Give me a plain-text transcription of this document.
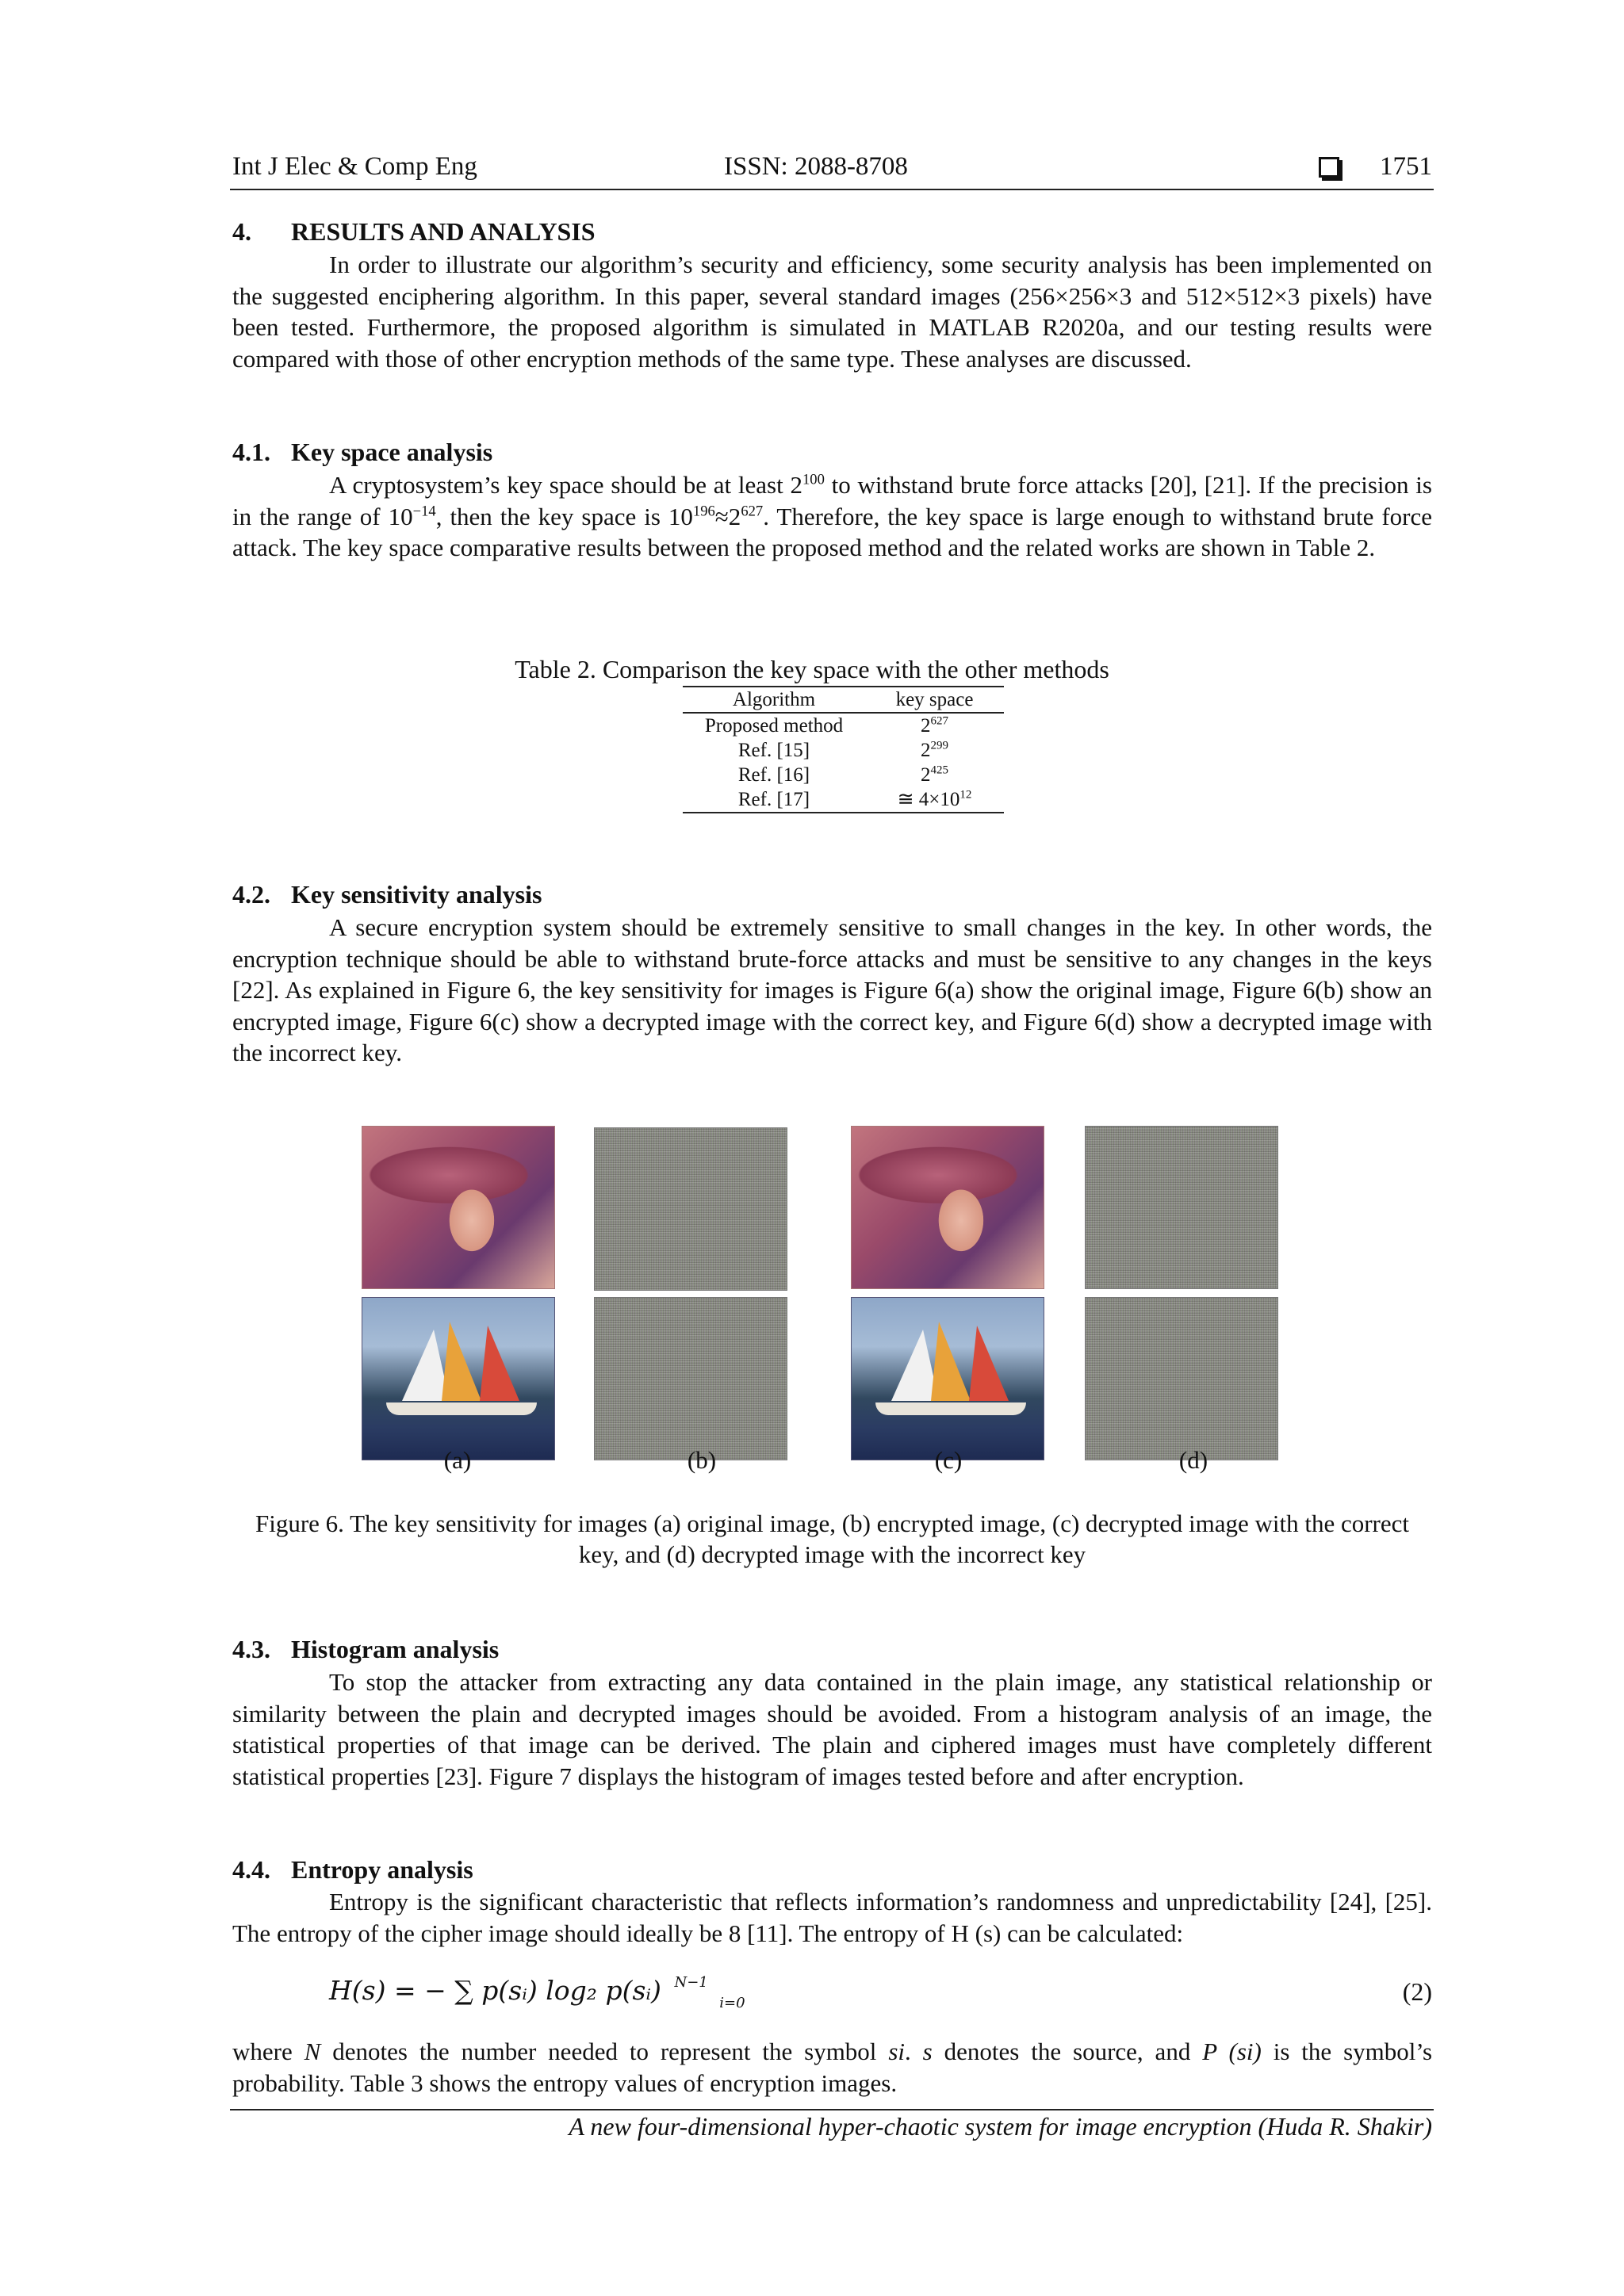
Int J Elec & Comp Eng	ISSN: 2088-8708	1751
4. RESULTS AND ANALYSIS
In order to illustrate our algorithm’s security and efficiency, some security analysis has been implemented on the suggested enciphering algorithm. In this paper, several standard images (256×256×3 and 512×512×3 pixels) have been tested. Furthermore, the proposed algorithm is simulated in MATLAB R2020a, and our testing results were compared with those of other encryption methods of the same type. These analyses are discussed.
4.1. Key space analysis
A cryptosystem’s key space should be at least $2^{100}$ to withstand brute force attacks [20], [21]. If the precision is in the range of $10^{-14}$, then the key space is $10^{196}\approx 2^{627}$. Therefore, the key space is large enough to withstand brute force attack. The key space comparative results between the proposed method and the related works are shown in Table 2.
Table 2. Comparison the key space with the other methods
Algorithm	key space
Proposed method	$2^{627}$
Ref. [15]	$2^{299}$
Ref. [16]	$2^{425}$
Ref. [17]	≅ $4\times 10^{12}$
4.2. Key sensitivity analysis
A secure encryption system should be extremely sensitive to small changes in the key. In other words, the encryption technique should be able to withstand brute-force attacks and must be sensitive to any changes in the keys [22]. As explained in Figure 6, the key sensitivity for images is Figure 6(a) show the original image, Figure 6(b) show an encrypted image, Figure 6(c) show a decrypted image with the correct key, and Figure 6(d) show a decrypted image with the incorrect key.
(a)	(b)	(c)	(d)
Figure 6. The key sensitivity for images (a) original image, (b) encrypted image, (c) decrypted image with the correct key, and (d) decrypted image with the incorrect key
4.3. Histogram analysis
To stop the attacker from extracting any data contained in the plain image, any statistical relationship or similarity between the plain and decrypted images should be avoided. From a histogram analysis of an image, the statistical properties of that image can be derived. The plain and ciphered images must have completely different statistical properties [23]. Figure 7 displays the histogram of images tested before and after encryption.
4.4. Entropy analysis
Entropy is the significant characteristic that reflects information’s randomness and unpredictability [24], [25]. The entropy of the cipher image should ideally be 8 [11]. The entropy of H (s) can be calculated:
H(s) = − ∑ p(sᵢ) log₂ p(sᵢ) $^{N-1}$ $_{i=0}$	(2)
where N denotes the number needed to represent the symbol si. s denotes the source, and P (si) is the symbol’s probability. Table 3 shows the entropy values of encryption images.
A new four-dimensional hyper-chaotic system for image encryption (Huda R. Shakir)
